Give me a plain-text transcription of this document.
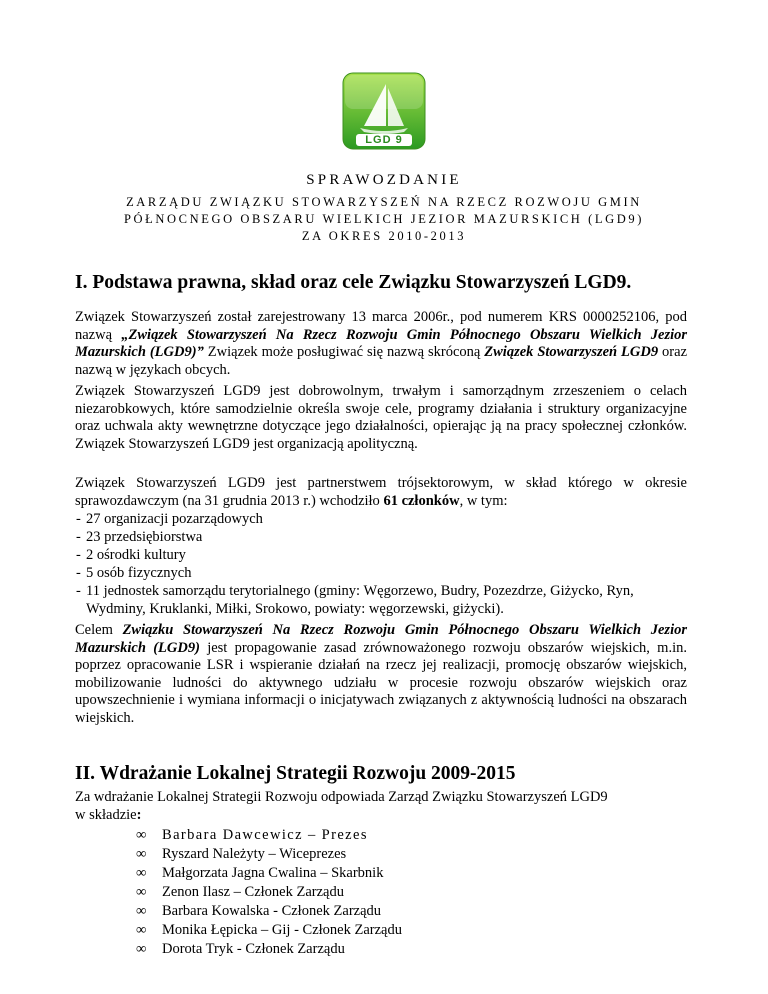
LGD 9
SPRAWOZDANIE
ZARZĄDU ZWIĄZKU STOWARZYSZEŃ NA RZECZ ROZWOJU GMIN
PÓŁNOCNEGO OBSZARU WIELKICH JEZIOR MAZURSKICH (LGD9)
ZA OKRES 2010-2013
I. Podstawa prawna, skład oraz cele Związku Stowarzyszeń LGD9.
Związek Stowarzyszeń został zarejestrowany 13 marca 2006r., pod numerem KRS 0000252106, pod nazwą „Związek Stowarzyszeń Na Rzecz Rozwoju Gmin Północnego Obszaru Wielkich Jezior Mazurskich (LGD9)” Związek może posługiwać się nazwą skróconą Związek Stowarzyszeń LGD9 oraz nazwą w językach obcych.
Związek Stowarzyszeń LGD9 jest dobrowolnym, trwałym i samorządnym zrzeszeniem o celach niezarobkowych, które samodzielnie określa swoje cele, programy działania i struktury organizacyjne oraz uchwala akty wewnętrzne dotyczące jego działalności, opierając ją na pracy społecznej członków. Związek Stowarzyszeń LGD9 jest organizacją apolityczną.
Związek Stowarzyszeń LGD9 jest partnerstwem trójsektorowym, w skład którego w okresie sprawozdawczym (na 31 grudnia 2013 r.) wchodziło 61 członków, w tym:
- 27 organizacji pozarządowych
- 23 przedsiębiorstwa
- 2 ośrodki kultury
- 5 osób fizycznych
- 11 jednostek samorządu terytorialnego (gminy: Węgorzewo, Budry, Pozezdrze, Giżycko, Ryn, Wydminy, Kruklanki, Miłki, Srokowo, powiaty: węgorzewski, giżycki).
Celem Związku Stowarzyszeń Na Rzecz Rozwoju Gmin Północnego Obszaru Wielkich Jezior Mazurskich (LGD9) jest propagowanie zasad zrównoważonego rozwoju obszarów wiejskich, m.in. poprzez opracowanie LSR i wspieranie działań na rzecz jej realizacji, promocję obszarów wiejskich, mobilizowanie ludności do aktywnego udziału w procesie rozwoju obszarów wiejskich oraz upowszechnienie i wymiana informacji o inicjatywach związanych z aktywnością ludności na obszarach wiejskich.
II. Wdrażanie Lokalnej Strategii Rozwoju 2009-2015
Za wdrażanie Lokalnej Strategii Rozwoju odpowiada Zarząd Związku Stowarzyszeń LGD9
w składzie:
∞ Barbara Dawcewicz – Prezes
∞ Ryszard Należyty – Wiceprezes
∞ Małgorzata Jagna Cwalina – Skarbnik
∞ Zenon Ilasz – Członek Zarządu
∞ Barbara Kowalska - Członek Zarządu
∞ Monika Łępicka – Gij - Członek Zarządu
∞ Dorota Tryk - Członek Zarządu
